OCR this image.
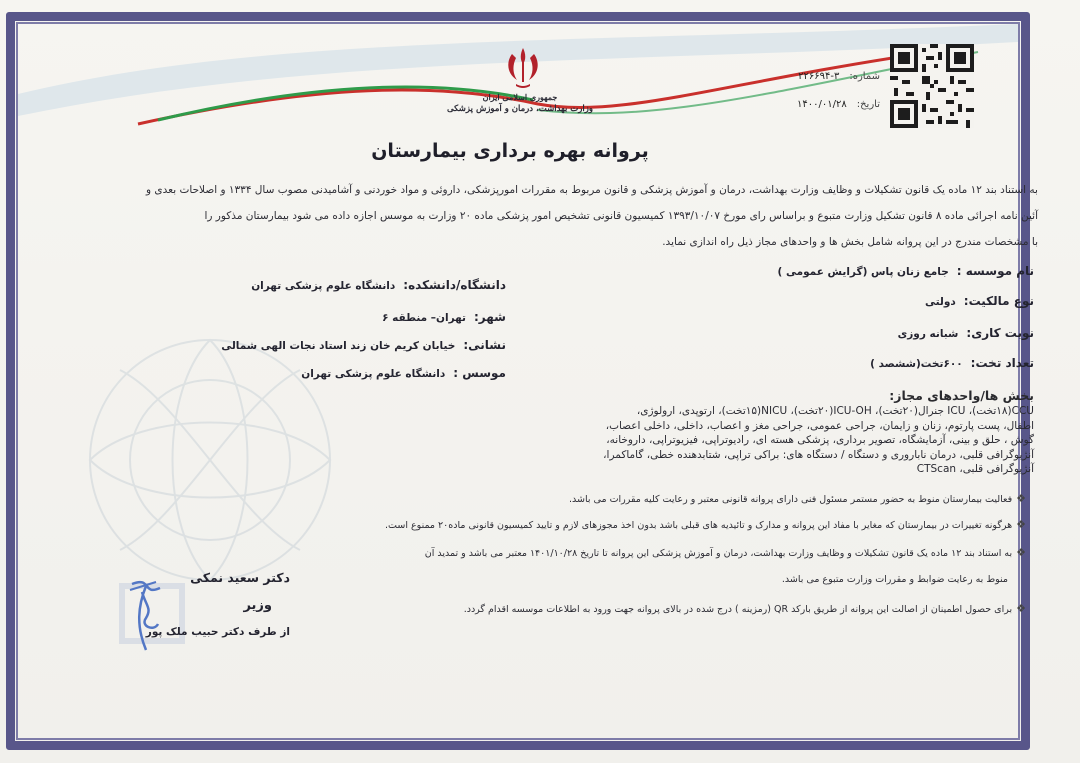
جمهوری اسلامی ایران
وزارت بهداشت، درمان و آموزش پزشکی
شماره:۳-۲۲۶۶۹۴
تاریخ:۱۴۰۰/۰۱/۲۸
پروانه بهره برداری بیمارستان
به استناد بند ۱۲ ماده یک قانون تشکیلات و وظایف وزارت بهداشت، درمان و آموزش پزشکی و قانون مربوط به مقررات امورپزشکی، داروئی و مواد خوردنی و آشامیدنی مصوب سال ۱۳۳۴ و اصلاحات بعدی و
آئین نامه اجرائی ماده ۸ قانون تشکیل وزارت متبوع و براساس رای مورخ ۱۳۹۳/۱۰/۰۷ کمیسیون قانونی تشخیص امور پزشکی ماده ۲۰ وزارت به موسس اجازه داده می شود بیمارستان مذکور را
با مشخصات مندرج در این پروانه شامل بخش ها و واحدهای مجاز ذیل راه اندازی نماید.
نام موسسه :جامع زنان پاس (گرایش عمومی )
نوع مالکیت:دولتی
نوبت کاری:شبانه روزی
تعداد تخت:۶۰۰تخت(ششصد )
دانشگاه/دانشکده:دانشگاه علوم پزشکی تهران
شهر:تهران– منطقه ۶
نشانی:خیابان کریم خان زند استاد نجات الهی شمالی
موسس :دانشگاه علوم پزشکی تهران
بخش ها/واحدهای مجاز:
CCU(۱۸تخت)، ICU جنرال(۲۰تخت)، ICU-OH(۲۰تخت)، NICU(۱۵تخت)، ارتوپدی، ارولوژی،
اطفال، پست پارتوم، زنان و زایمان، جراحی عمومی، جراحی مغز و اعصاب، داخلی، داخلی اعصاب،
گوش ، حلق و بینی، آزمایشگاه، تصویر برداری، پزشکی هسته ای، رادیوتراپی، فیزیوتراپی، داروخانه،
آنژیوگرافی قلبی، درمان ناباروری و دستگاه / دستگاه های: براکی تراپی، شتابدهنده خطی، گاماکمرا،
آنژیوگرافی قلبی، CTScan
❖فعالیت بیمارستان منوط به حضور مستمر مسئول فنی دارای پروانه قانونی معتبر و رعایت کلیه مقررات می باشد.
❖هرگونه تغییرات در بیمارستان که مغایر با مفاد این پروانه و مدارک و تائیدیه های قبلی باشد بدون اخذ مجوزهای لازم و تایید کمیسیون قانونی ماده۲۰ ممنوع است.
❖به استناد بند ۱۲ ماده یک قانون تشکیلات و وظایف وزارت بهداشت، درمان و آموزش پزشکی این پروانه تا تاریخ ۱۴۰۱/۱۰/۲۸ معتبر می باشد و تمدید آن
منوط به رعایت ضوابط و مقررات وزارت متبوع می باشد.
❖برای حصول اطمینان از اصالت این پروانه از طریق بارکد QR (رمزینه ) درج شده در بالای پروانه جهت ورود به اطلاعات موسسه اقدام گردد.
دکتر سعید نمکی
وزیر
از طرف دکتر حبیب ملک پور
